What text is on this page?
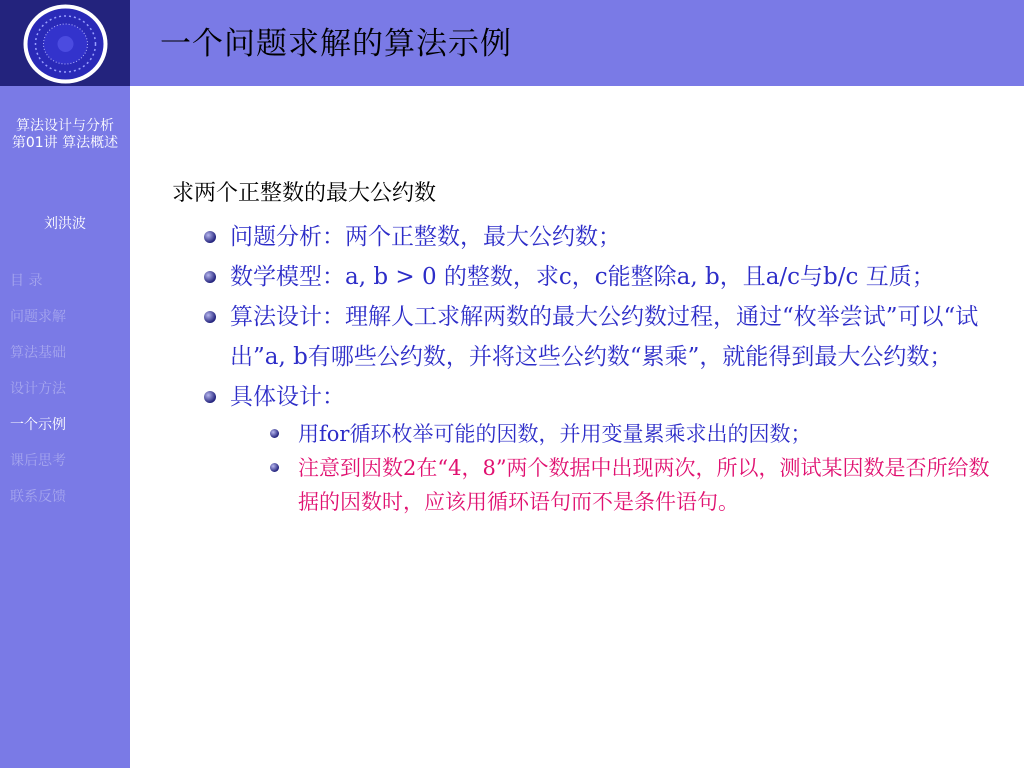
算法设计与分析
第01讲 算法概述
刘洪波
目 录
问题求解
算法基础
设计方法
一个示例
课后思考
联系反馈
一个问题求解的算法示例
求两个正整数的最大公约数
问题分析：两个正整数，最大公约数；
数学模型：a, b > 0 的整数，求c，c能整除a, b，且a/c与b/c 互质；
算法设计：理解人工求解两数的最大公约数过程，通过“枚举尝试”可以“试出”a, b有哪些公约数，并将这些公约数“累乘”，就能得到最大公约数；
具体设计：
用for循环枚举可能的因数，并用变量累乘求出的因数；
注意到因数2在“4，8”两个数据中出现两次，所以，测试某因数是否所给数据的因数时，应该用循环语句而不是条件语句。
